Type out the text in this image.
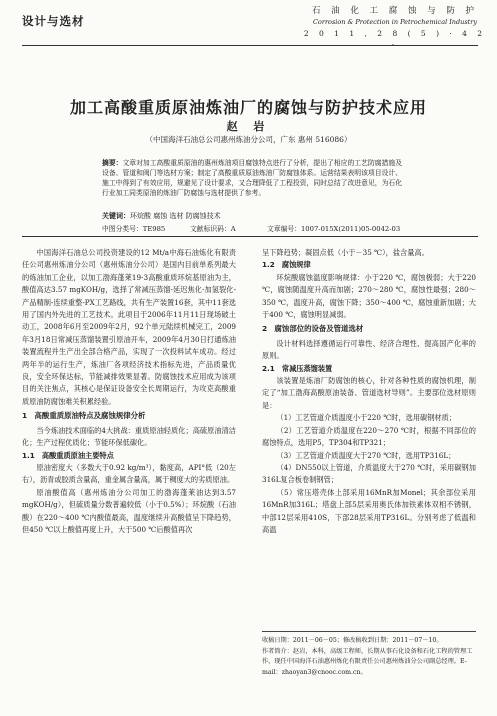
设计与选材
石 油 化 工 腐 蚀 与 防 护
Corrosion & Protection in Petrochemical Industry
2 0 1 1 , 2 8 ( 5 ) · 4 2 ·
加工高酸重质原油炼油厂的腐蚀与防护技术应用
赵 岩
（中国海洋石油总公司惠州炼油分公司，广东 惠州 516086）
摘要：文章对加工高酸重质原油的惠州炼油项目腐蚀特点进行了分析，提出了相应的工艺防腐措施及设备、管道和阀门等选材方案；制定了高酸重质原油炼油厂防腐蚀体系。运营结果表明该项目设计、施工中得到了有效应用，规避见了设计要求，又合理降低了工程投资，同时总结了改进意见，为石化行业加工同类原油的炼油厂防腐蚀与选材提供了参考。
关键词：环烷酸 腐蚀 选材 防腐蚀技术
中图分类号：TE985	文献标识码：A	文章编号：1007-015X(2011)05-0042-03

中国海洋石油总公司投资建设的12 Mt/a中海石油炼化有限责任公司惠州炼油分公司（惠州炼油分公司）是国内目前单系列最大的炼油加工企业，以加工渤海蓬莱19-3高酸重质环烷基原油为主，酸值高达3.57 mgKOH/g，选择了常减压蒸馏-延迟焦化-加氢裂化-产品精制-连续重整-PX工艺路线，共有生产装置16套，其中11套选用了国内外先进的工艺技术。此项目于2006年11月11日现场破土动工，2008年6月至2009年2月，92个单元陆续机械完工，2009年3月18日常减压蒸馏装置引原油开车，2009年4月30日打通炼油装置流程并生产出全部合格产品，实现了一次投料试车成功。经过两年半的运行生产，炼油厂各项经济技术指标先进，产品质量优良，安全环保达标，节能减排效果显著。防腐蚀技术应用成为该项目的关注焦点，其核心是保证设备安全长周期运行，为攻克高酸重质原油防腐蚀难关积累经验。

1　高酸重质原油特点及腐蚀规律分析

当今炼油技术面临的4大挑战：重质原油轻质化；高硫原油清洁化；生产过程优质化；节能环保低碳化。

1.1　高酸重质原油主要特点

原油密度大（多数大于0.92 kg/m³），黏度高，API°低（20左右），沥青或胶质含量高，重金属含量高，属于稠度大的劣质原油。

原油酸值高（惠州炼油分公司加工的渤海蓬莱油达到3.57 mgKOH/g），但硫质量分数普遍较低（小于0.5%）；环烷酸（石油酸）在220～400 ℃内酸值最高，温度继续升高酸值呈下降趋势，但450 ℃以上酸值再度上升，大于500 ℃后酸值再次

呈下降趋势；凝固点低（小于－35 ℃），盐含量高。

1.2　腐蚀规律

环烷酸腐蚀温度影响规律：小于220 ℃，腐蚀极弱；大于220 ℃，腐蚀随温度升高而加剧；270～280 ℃，腐蚀性最强；280～350 ℃，温度升高，腐蚀下降；350～400 ℃，腐蚀重新加剧；大于400 ℃，腐蚀明显减弱。

2　腐蚀部位的设备及管道选材

设计材料选择遵循运行可靠性、经济合理性、提高国产化率的原则。

2.1　常减压蒸馏装置

该装置是炼油厂防腐蚀的核心，针对各种性质的腐蚀机理，制定了“加工渤海高酸原油装备、管道选材导则”。主要部位选材原则是：

（1）工艺管道介质温度小于220 ℃时，选用碳钢材质；

（2）工艺管道介质温度在220～270 ℃时，根据不同部位的腐蚀特点，选用P5，TP304和TP321；

（3）工艺管道介质温度大于270 ℃时，选用TP316L；

（4）DN550以上管道，介质温度大于270 ℃时，采用碳钢加316L复合板卷制钢管；

（5）常压塔壳体上部采用16MnR加Monel；其余部位采用16MnR加316L；塔盘上部5层采用奥氏体加铁素体双相不锈钢，中部12层采用410S，下部28层采用TP316L。分别考虑了低温和高温

收稿日期：2011－06－05；修改稿收到日期：2011－07－10。
作者简介：赵岩，本科，高级工程师，长期从事石化设备和石化工程的管理工作，现任中国海洋石油惠州炼化有限责任公司惠州炼油分公司副总经理。E-mail：zhaoyan3@cnooc.com.cn。
